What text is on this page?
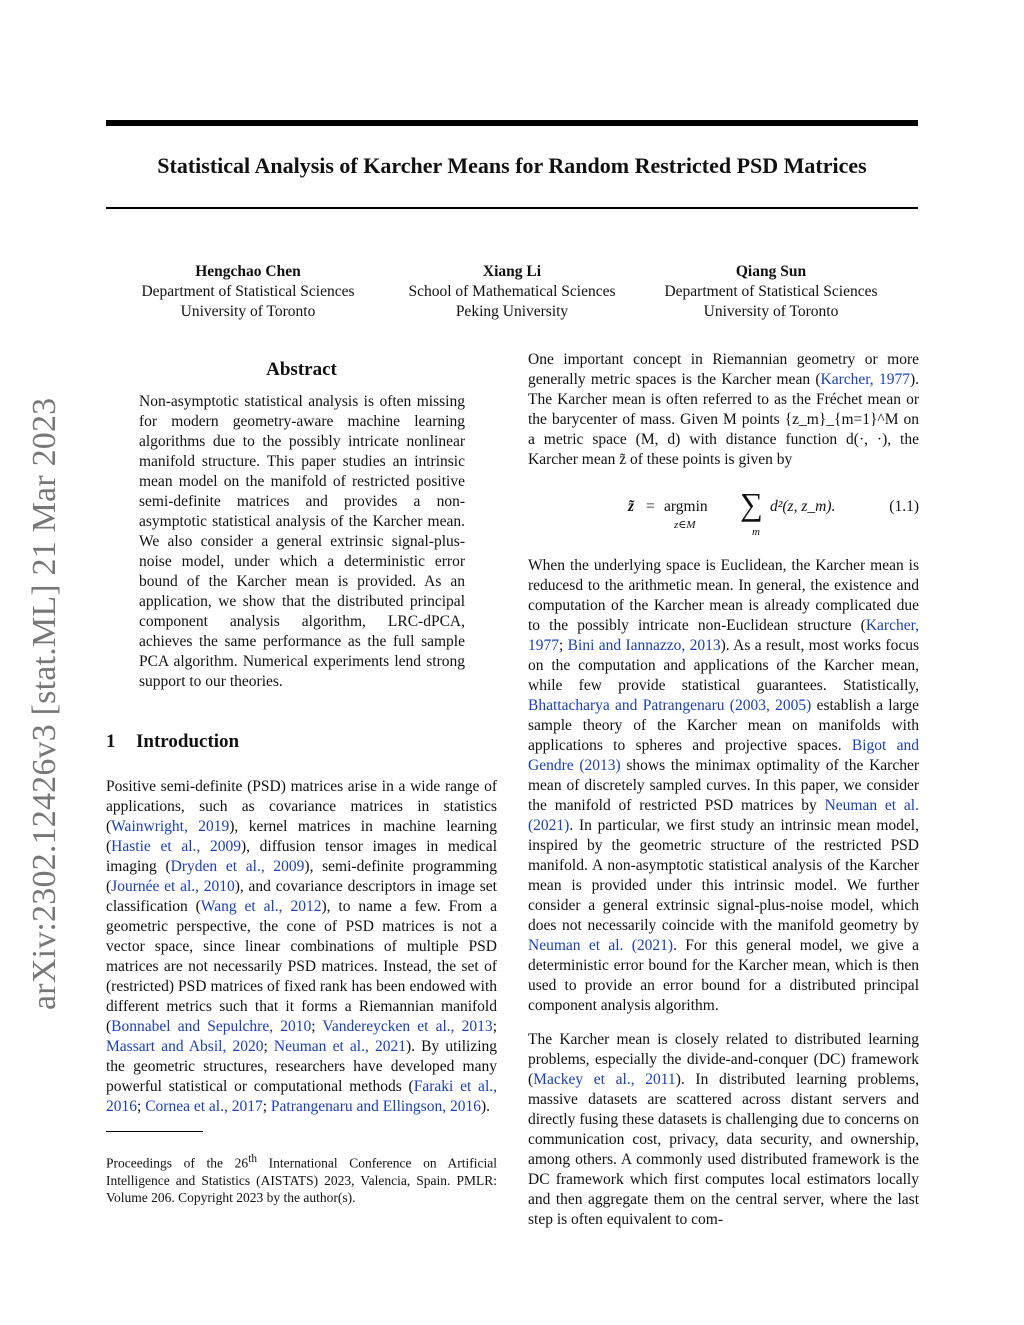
Statistical Analysis of Karcher Means for Random Restricted PSD Matrices
Hengchao Chen
Department of Statistical Sciences
University of Toronto
Xiang Li
School of Mathematical Sciences
Peking University
Qiang Sun
Department of Statistical Sciences
University of Toronto
arXiv:2302.12426v3 [stat.ML] 21 Mar 2023
Abstract

Non-asymptotic statistical analysis is often missing for modern geometry-aware machine learning algorithms due to the possibly intricate nonlinear manifold structure. This paper studies an intrinsic mean model on the manifold of restricted positive semi-definite matrices and provides a non-asymptotic statistical analysis of the Karcher mean. We also consider a general extrinsic signal-plus-noise model, under which a deterministic error bound of the Karcher mean is provided. As an application, we show that the distributed principal component analysis algorithm, LRC-dPCA, achieves the same performance as the full sample PCA algorithm. Numerical experiments lend strong support to our theories.

1 Introduction

Positive semi-definite (PSD) matrices arise in a wide range of applications, such as covariance matrices in statistics (Wainwright, 2019), kernel matrices in machine learning (Hastie et al., 2009), diffusion tensor images in medical imaging (Dryden et al., 2009), semi-definite programming (Journée et al., 2010), and covariance descriptors in image set classification (Wang et al., 2012), to name a few. From a geometric perspective, the cone of PSD matrices is not a vector space, since linear combinations of multiple PSD matrices are not necessarily PSD matrices. Instead, the set of (restricted) PSD matrices of fixed rank has been endowed with different metrics such that it forms a Riemannian manifold (Bonnabel and Sepulchre, 2010; Vandereycken et al., 2013; Massart and Absil, 2020; Neuman et al., 2021). By utilizing the geometric structures, researchers have developed many powerful statistical or computational methods (Faraki et al., 2016; Cornea et al., 2017; Patrangenaru and Ellingson, 2016).

Proceedings of the 26th International Conference on Artificial Intelligence and Statistics (AISTATS) 2023, Valencia, Spain. PMLR: Volume 206. Copyright 2023 by the author(s).

One important concept in Riemannian geometry or more generally metric spaces is the Karcher mean (Karcher, 1977). The Karcher mean is often referred to as the Fréchet mean or the barycenter of mass. Given M points {z_m}_{m=1}^M on a metric space (M, d) with distance function d(·, ·), the Karcher mean z̃ of these points is given by

z̃ = argmin
z∈M
∑
m
d²(z, z_m).	(1.1)

When the underlying space is Euclidean, the Karcher mean is reducesd to the arithmetic mean. In general, the existence and computation of the Karcher mean is already complicated due to the possibly intricate non-Euclidean structure (Karcher, 1977; Bini and Iannazzo, 2013). As a result, most works focus on the computation and applications of the Karcher mean, while few provide statistical guarantees. Statistically, Bhattacharya and Patrangenaru (2003, 2005) establish a large sample theory of the Karcher mean on manifolds with applications to spheres and projective spaces. Bigot and Gendre (2013) shows the minimax optimality of the Karcher mean of discretely sampled curves. In this paper, we consider the manifold of restricted PSD matrices by Neuman et al. (2021). In particular, we first study an intrinsic mean model, inspired by the geometric structure of the restricted PSD manifold. A non-asymptotic statistical analysis of the Karcher mean is provided under this intrinsic model. We further consider a general extrinsic signal-plus-noise model, which does not necessarily coincide with the manifold geometry by Neuman et al. (2021). For this general model, we give a deterministic error bound for the Karcher mean, which is then used to provide an error bound for a distributed principal component analysis algorithm.

The Karcher mean is closely related to distributed learning problems, especially the divide-and-conquer (DC) framework (Mackey et al., 2011). In distributed learning problems, massive datasets are scattered across distant servers and directly fusing these datasets is challenging due to concerns on communication cost, privacy, data security, and ownership, among others. A commonly used distributed framework is the DC framework which first computes local estimators locally and then aggregate them on the central server, where the last step is often equivalent to com-
